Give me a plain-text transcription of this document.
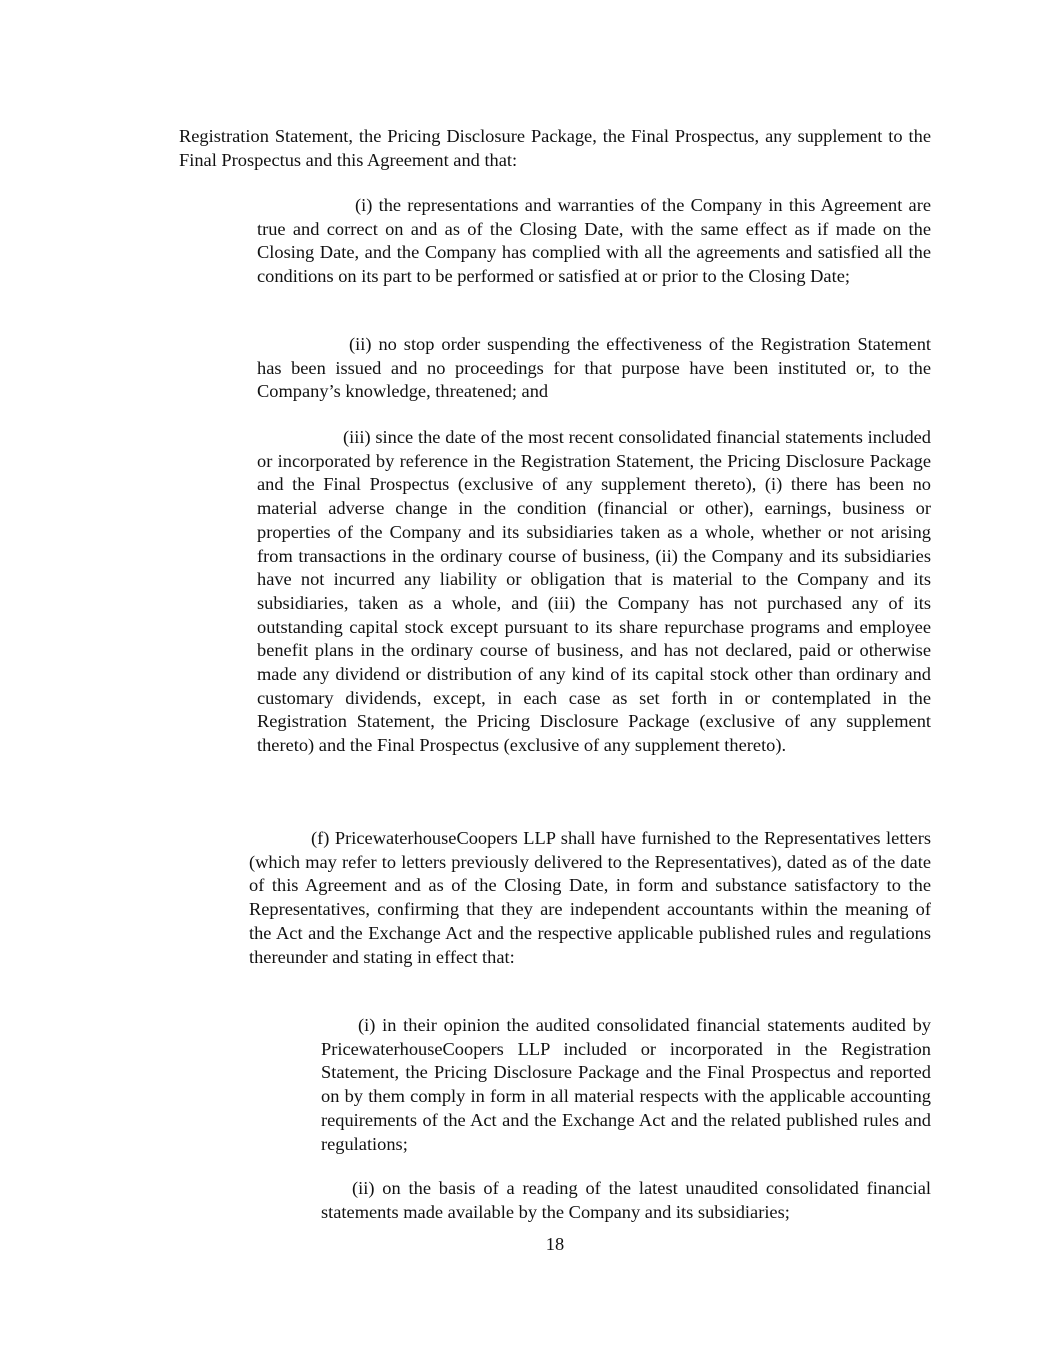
Registration Statement, the Pricing Disclosure Package, the Final Prospectus, any supplement to the Final Prospectus and this Agreement and that:

(i) the representations and warranties of the Company in this Agreement are true and correct on and as of the Closing Date, with the same effect as if made on the Closing Date, and the Company has complied with all the agreements and satisfied all the conditions on its part to be performed or satisfied at or prior to the Closing Date;

(ii) no stop order suspending the effectiveness of the Registration Statement has been issued and no proceedings for that purpose have been instituted or, to the Company’s knowledge, threatened; and

(iii) since the date of the most recent consolidated financial statements included or incorporated by reference in the Registration Statement, the Pricing Disclosure Package and the Final Prospectus (exclusive of any supplement thereto), (i) there has been no material adverse change in the condition (financial or other), earnings, business or properties of the Company and its subsidiaries taken as a whole, whether or not arising from transactions in the ordinary course of business, (ii) the Company and its subsidiaries have not incurred any liability or obligation that is material to the Company and its subsidiaries, taken as a whole, and (iii) the Company has not purchased any of its outstanding capital stock except pursuant to its share repurchase programs and employee benefit plans in the ordinary course of business, and has not declared, paid or otherwise made any dividend or distribution of any kind of its capital stock other than ordinary and customary dividends, except, in each case as set forth in or contemplated in the Registration Statement, the Pricing Disclosure Package (exclusive of any supplement thereto) and the Final Prospectus (exclusive of any supplement thereto).

(f) PricewaterhouseCoopers LLP shall have furnished to the Representatives letters (which may refer to letters previously delivered to the Representatives), dated as of the date of this Agreement and as of the Closing Date, in form and substance satisfactory to the Representatives, confirming that they are independent accountants within the meaning of the Act and the Exchange Act and the respective applicable published rules and regulations thereunder and stating in effect that:

(i) in their opinion the audited consolidated financial statements audited by PricewaterhouseCoopers LLP included or incorporated in the Registration Statement, the Pricing Disclosure Package and the Final Prospectus and reported on by them comply in form in all material respects with the applicable accounting requirements of the Act and the Exchange Act and the related published rules and regulations;

(ii) on the basis of a reading of the latest unaudited consolidated financial statements made available by the Company and its subsidiaries;

18
